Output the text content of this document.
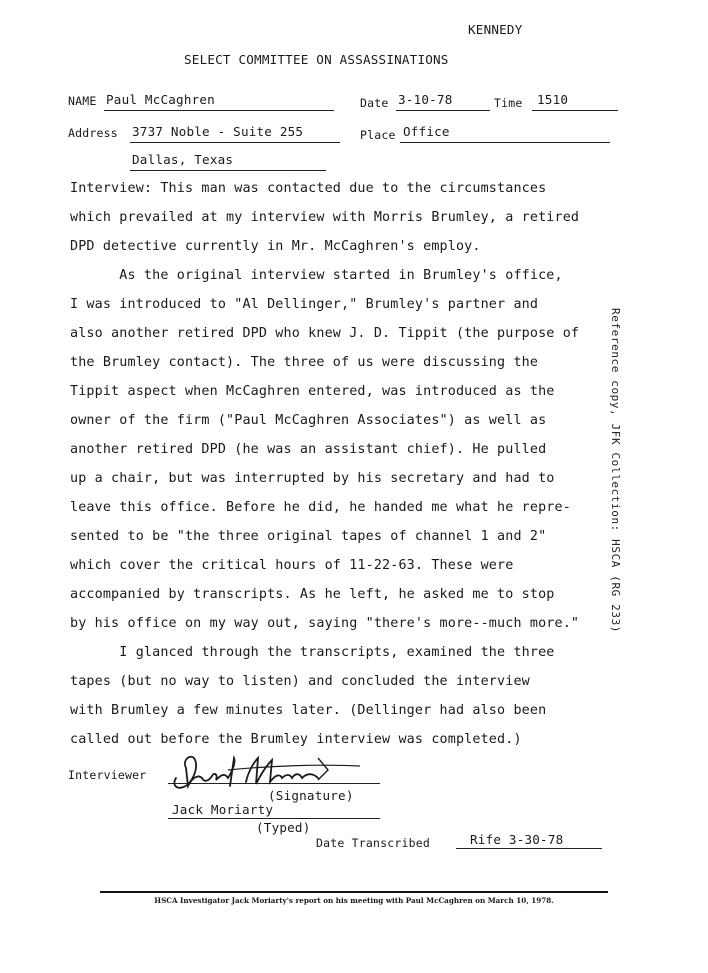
KENNEDY
SELECT COMMITTEE ON ASSASSINATIONS
NAME Paul McCaghren	Date 3-10-78	Time 1510
Address 3737 Noble - Suite 255	Place Office
Dallas, Texas
Interview: This man was contacted due to the circumstances
which prevailed at my interview with Morris Brumley, a retired
DPD detective currently in Mr. McCaghren's employ.
As the original interview started in Brumley's office,
I was introduced to "Al Dellinger," Brumley's partner and
also another retired DPD who knew J. D. Tippit (the purpose of
the Brumley contact). The three of us were discussing the
Tippit aspect when McCaghren entered, was introduced as the
owner of the firm ("Paul McCaghren Associates") as well as
another retired DPD (he was an assistant chief). He pulled
up a chair, but was interrupted by his secretary and had to
leave this office. Before he did, he handed me what he repre-
sented to be "the three original tapes of channel 1 and 2"
which cover the critical hours of 11-22-63. These were
accompanied by transcripts. As he left, he asked me to stop
by his office on my way out, saying "there's more--much more."
I glanced through the transcripts, examined the three
tapes (but no way to listen) and concluded the interview
with Brumley a few minutes later. (Dellinger had also been
called out before the Brumley interview was completed.)
Reference copy, JFK Collection: HSCA (RG 233)
Interviewer
(Signature)
Jack Moriarty
(Typed)
Date Transcribed	Rife 3-30-78
HSCA Investigator Jack Moriarty's report on his meeting with Paul McCaghren on March 10, 1978.
